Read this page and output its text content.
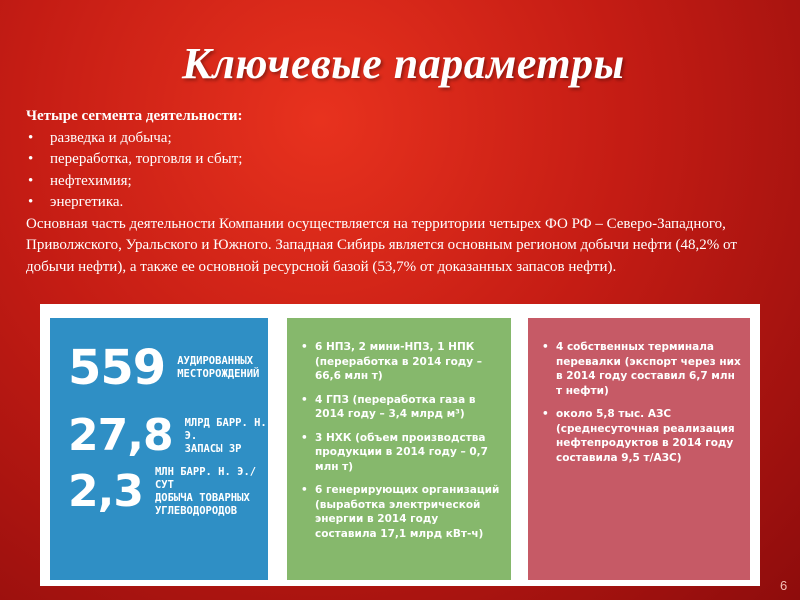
Ключевые параметры

Четыре сегмента деятельности:

• разведка и добыча;
• переработка, торговля и сбыт;
• нефтехимия;
• энергетика.

Основная часть деятельности Компании осуществляется на территории четырех ФО РФ – Северо-Западного, Приволжского, Уральского и Южного. Западная Сибирь является основным регионом добычи нефти (48,2% от добычи нефти), а также ее основной ресурсной базой (53,7% от доказанных запасов нефти).

559 АУДИРОВАННЫХ
МЕСТОРОЖДЕНИЙ
27,8 МЛРД БАРР. Н. Э.
ЗАПАСЫ 3P
2,3 МЛН БАРР. Н. Э./СУТ
ДОБЫЧА ТОВАРНЫХ
УГЛЕВОДОРОДОВ
• 6 НПЗ, 2 мини-НПЗ, 1 НПК (переработка в 2014 году – 66,6 млн т)
• 4 ГПЗ (переработка газа в 2014 году – 3,4 млрд м³)
• 3 НХК (объем производства продукции в 2014 году – 0,7 млн т)
• 6 генерирующих организаций (выработка электрической энергии в 2014 году составила 17,1 млрд кВт-ч)
• 4 собственных терминала перевалки (экспорт через них в 2014 году составил 6,7 млн т нефти)
• около 5,8 тыс. АЗС (среднесуточная реализация нефтепродуктов в 2014 году составила 9,5 т/АЗС)
6
